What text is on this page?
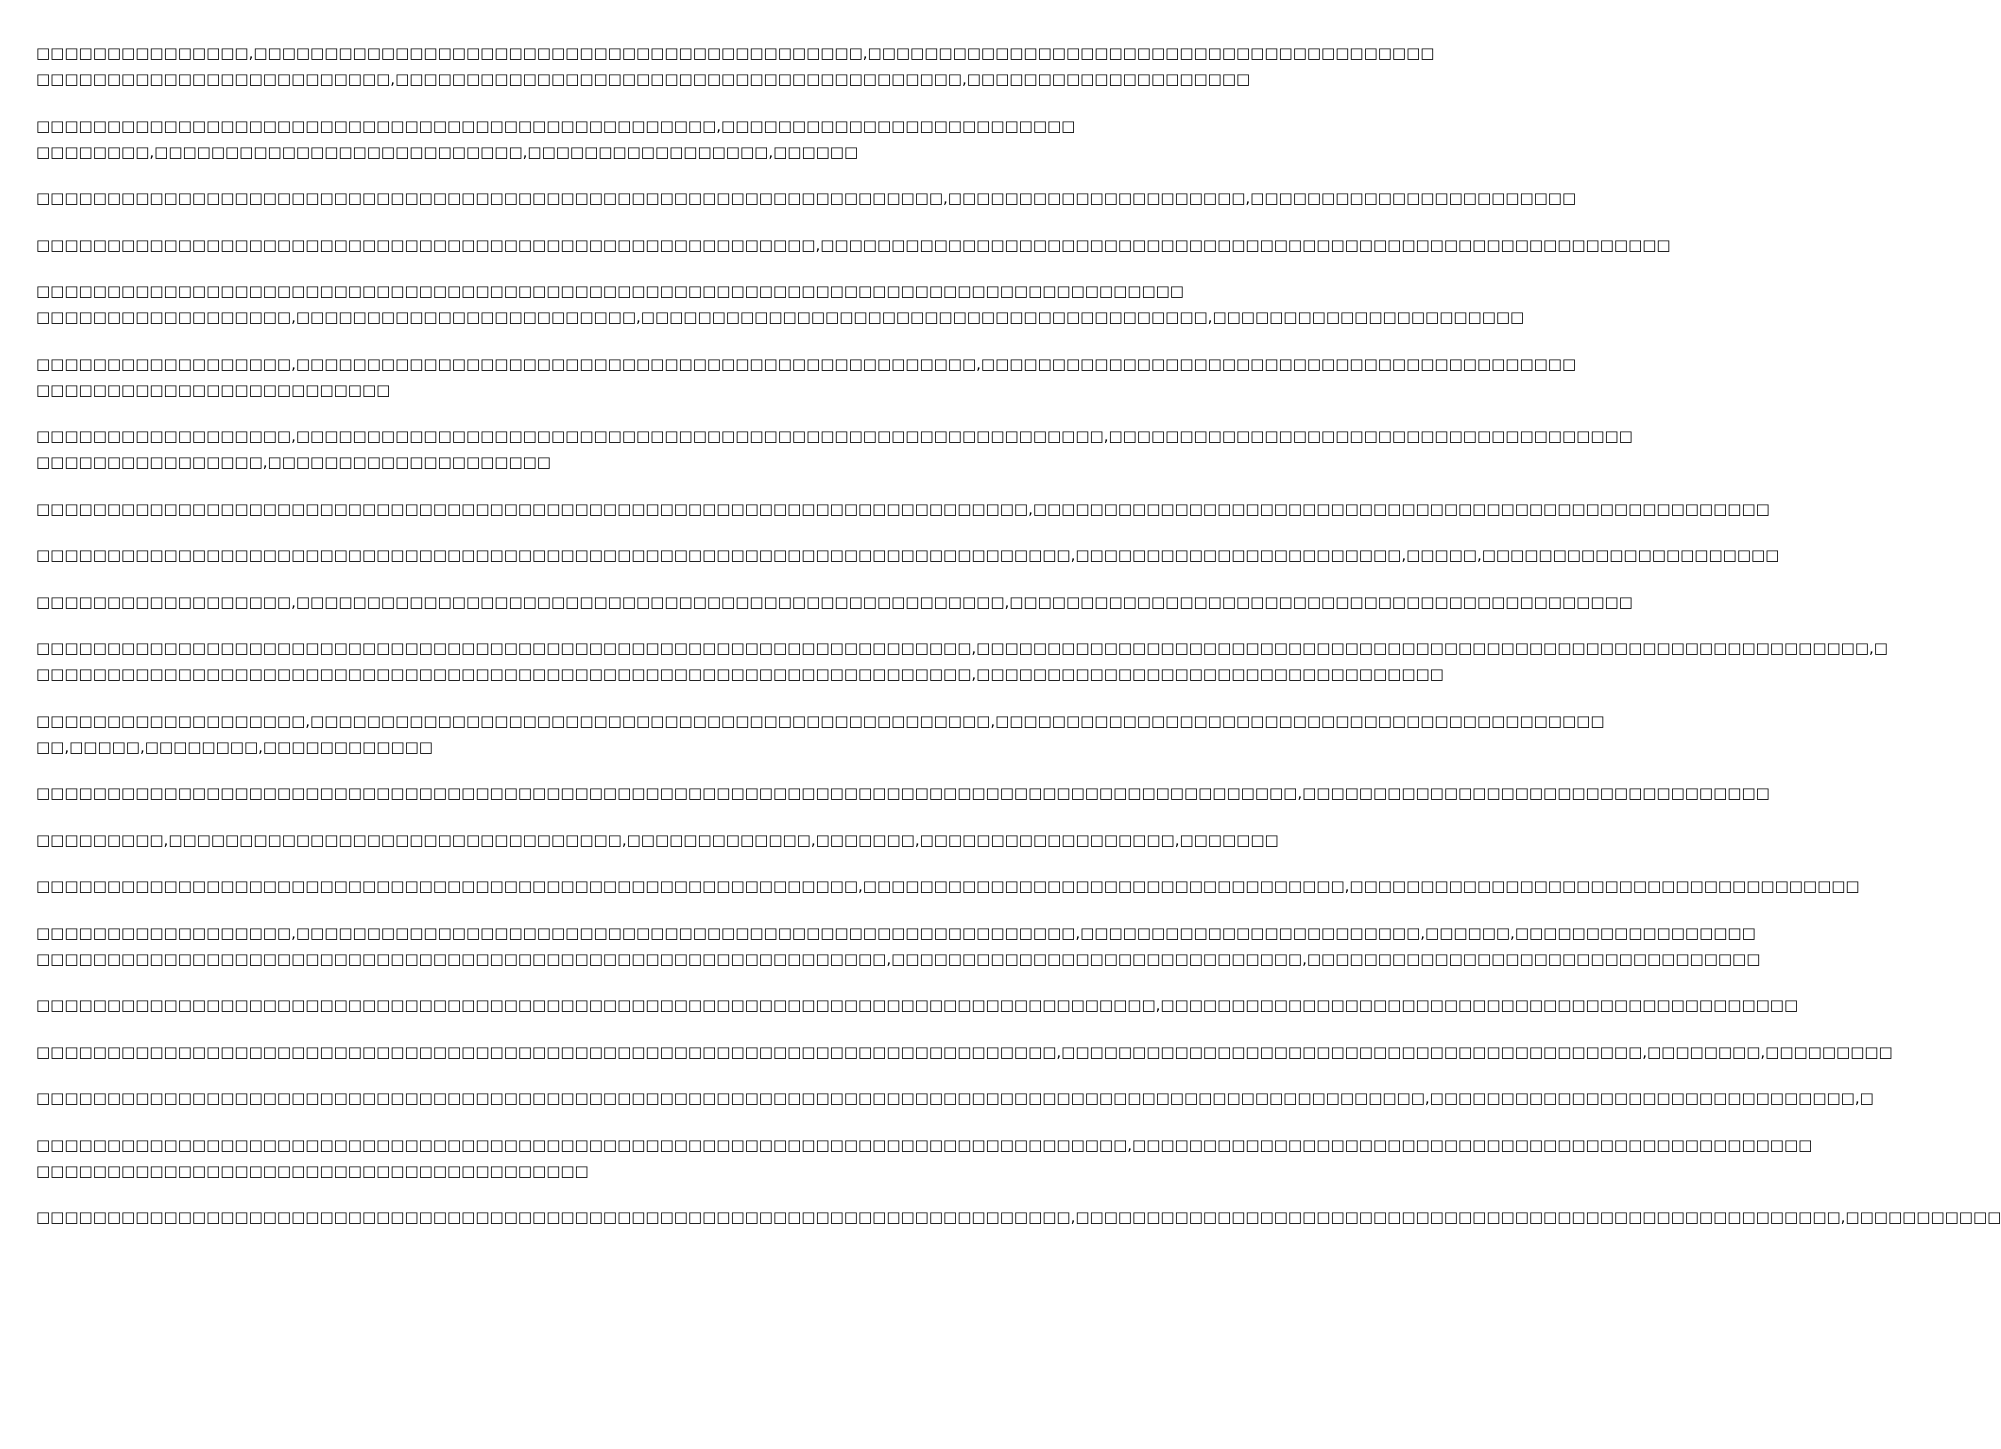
□□□□□□□□□□□□□□□,□□□□□□□□□□□□□□□□□□□□□□□□□□□□□□□□□□□□□□□□□□□,□□□□□□□□□□□□□□□□□□□□□□□□□□□□□□□□□□□□□□□□
□□□□□□□□□□□□□□□□□□□□□□□□□,□□□□□□□□□□□□□□□□□□□□□□□□□□□□□□□□□□□□□□□□,□□□□□□□□□□□□□□□□□□□□

□□□□□□□□□□□□□□□□□□□□□□□□□□□□□□□□□□□□□□□□□□□□□□□□,□□□□□□□□□□□□□□□□□□□□□□□□□
□□□□□□□□,□□□□□□□□□□□□□□□□□□□□□□□□□□,□□□□□□□□□□□□□□□□□,□□□□□□

□□□□□□□□□□□□□□□□□□□□□□□□□□□□□□□□□□□□□□□□□□□□□□□□□□□□□□□□□□□□□□□□,□□□□□□□□□□□□□□□□□□□□□,□□□□□□□□□□□□□□□□□□□□□□□

□□□□□□□□□□□□□□□□□□□□□□□□□□□□□□□□□□□□□□□□□□□□□□□□□□□□□□□,□□□□□□□□□□□□□□□□□□□□□□□□□□□□□□□□□□□□□□□□□□□□□□□□□□□□□□□□□□□□

□□□□□□□□□□□□□□□□□□□□□□□□□□□□□□□□□□□□□□□□□□□□□□□□□□□□□□□□□□□□□□□□□□□□□□□□□□□□□□□□□
□□□□□□□□□□□□□□□□□□,□□□□□□□□□□□□□□□□□□□□□□□□,□□□□□□□□□□□□□□□□□□□□□□□□□□□□□□□□□□□□□□□□,□□□□□□□□□□□□□□□□□□□□□□

□□□□□□□□□□□□□□□□□□,□□□□□□□□□□□□□□□□□□□□□□□□□□□□□□□□□□□□□□□□□□□□□□□□,□□□□□□□□□□□□□□□□□□□□□□□□□□□□□□□□□□□□□□□□□□
□□□□□□□□□□□□□□□□□□□□□□□□□

□□□□□□□□□□□□□□□□□□,□□□□□□□□□□□□□□□□□□□□□□□□□□□□□□□□□□□□□□□□□□□□□□□□□□□□□□□□□,□□□□□□□□□□□□□□□□□□□□□□□□□□□□□□□□□□□□□
□□□□□□□□□□□□□□□□,□□□□□□□□□□□□□□□□□□□□

□□□□□□□□□□□□□□□□□□□□□□□□□□□□□□□□□□□□□□□□□□□□□□□□□□□□□□□□□□□□□□□□□□□□□□,□□□□□□□□□□□□□□□□□□□□□□□□□□□□□□□□□□□□□□□□□□□□□□□□□□□□

□□□□□□□□□□□□□□□□□□□□□□□□□□□□□□□□□□□□□□□□□□□□□□□□□□□□□□□□□□□□□□□□□□□□□□□□□,□□□□□□□□□□□□□□□□□□□□□□□,□□□□□,□□□□□□□□□□□□□□□□□□□□□

□□□□□□□□□□□□□□□□□□,□□□□□□□□□□□□□□□□□□□□□□□□□□□□□□□□□□□□□□□□□□□□□□□□□□,□□□□□□□□□□□□□□□□□□□□□□□□□□□□□□□□□□□□□□□□□□□□

□□□□□□□□□□□□□□□□□□□□□□□□□□□□□□□□□□□□□□□□□□□□□□□□□□□□□□□□□□□□□□□□□□,□□□□□□□□□□□□□□□□□□□□□□□□□□□□□□□□□□□□□□□□□□□□□□□□□□□□□□□□□□□□□□□,□
□□□□□□□□□□□□□□□□□□□□□□□□□□□□□□□□□□□□□□□□□□□□□□□□□□□□□□□□□□□□□□□□□□,□□□□□□□□□□□□□□□□□□□□□□□□□□□□□□□□□

□□□□□□□□□□□□□□□□□□□,□□□□□□□□□□□□□□□□□□□□□□□□□□□□□□□□□□□□□□□□□□□□□□□□,□□□□□□□□□□□□□□□□□□□□□□□□□□□□□□□□□□□□□□□□□□□
□□,□□□□□,□□□□□□□□,□□□□□□□□□□□□

□□□□□□□□□□□□□□□□□□□□□□□□□□□□□□□□□□□□□□□□□□□□□□□□□□□□□□□□□□□□□□□□□□□□□□□□□□□□□□□□□□□□□□□□□,□□□□□□□□□□□□□□□□□□□□□□□□□□□□□□□□□

□□□□□□□□□,□□□□□□□□□□□□□□□□□□□□□□□□□□□□□□□□,□□□□□□□□□□□□□,□□□□□□□,□□□□□□□□□□□□□□□□□□,□□□□□□□

□□□□□□□□□□□□□□□□□□□□□□□□□□□□□□□□□□□□□□□□□□□□□□□□□□□□□□□□□□,□□□□□□□□□□□□□□□□□□□□□□□□□□□□□□□□□□,□□□□□□□□□□□□□□□□□□□□□□□□□□□□□□□□□□□□

□□□□□□□□□□□□□□□□□□,□□□□□□□□□□□□□□□□□□□□□□□□□□□□□□□□□□□□□□□□□□□□□□□□□□□□□□□,□□□□□□□□□□□□□□□□□□□□□□□□,□□□□□□,□□□□□□□□□□□□□□□□□
□□□□□□□□□□□□□□□□□□□□□□□□□□□□□□□□□□□□□□□□□□□□□□□□□□□□□□□□□□□□,□□□□□□□□□□□□□□□□□□□□□□□□□□□□□,□□□□□□□□□□□□□□□□□□□□□□□□□□□□□□□□

□□□□□□□□□□□□□□□□□□□□□□□□□□□□□□□□□□□□□□□□□□□□□□□□□□□□□□□□□□□□□□□□□□□□□□□□□□□□□□□,□□□□□□□□□□□□□□□□□□□□□□□□□□□□□□□□□□□□□□□□□□□□□

□□□□□□□□□□□□□□□□□□□□□□□□□□□□□□□□□□□□□□□□□□□□□□□□□□□□□□□□□□□□□□□□□□□□□□□□,□□□□□□□□□□□□□□□□□□□□□□□□□□□□□□□□□□□□□□□□□,□□□□□□□□,□□□□□□□□□

□□□□□□□□□□□□□□□□□□□□□□□□□□□□□□□□□□□□□□□□□□□□□□□□□□□□□□□□□□□□□□□□□□□□□□□□□□□□□□□□□□□□□□□□□□□□□□□□□□,□□□□□□□□□□□□□□□□□□□□□□□□□□□□□□,□

□□□□□□□□□□□□□□□□□□□□□□□□□□□□□□□□□□□□□□□□□□□□□□□□□□□□□□□□□□□□□□□□□□□□□□□□□□□□□,□□□□□□□□□□□□□□□□□□□□□□□□□□□□□□□□□□□□□□□□□□□□□□□□
□□□□□□□□□□□□□□□□□□□□□□□□□□□□□□□□□□□□□□□

□□□□□□□□□□□□□□□□□□□□□□□□□□□□□□□□□□□□□□□□□□□□□□□□□□□□□□□□□□□□□□□□□□□□□□□□□,□□□□□□□□□□□□□□□□□□□□□□□□□□□□□□□□□□□□□□□□□□□□□□□□□□□□□□,□□□□□□□□□□□
